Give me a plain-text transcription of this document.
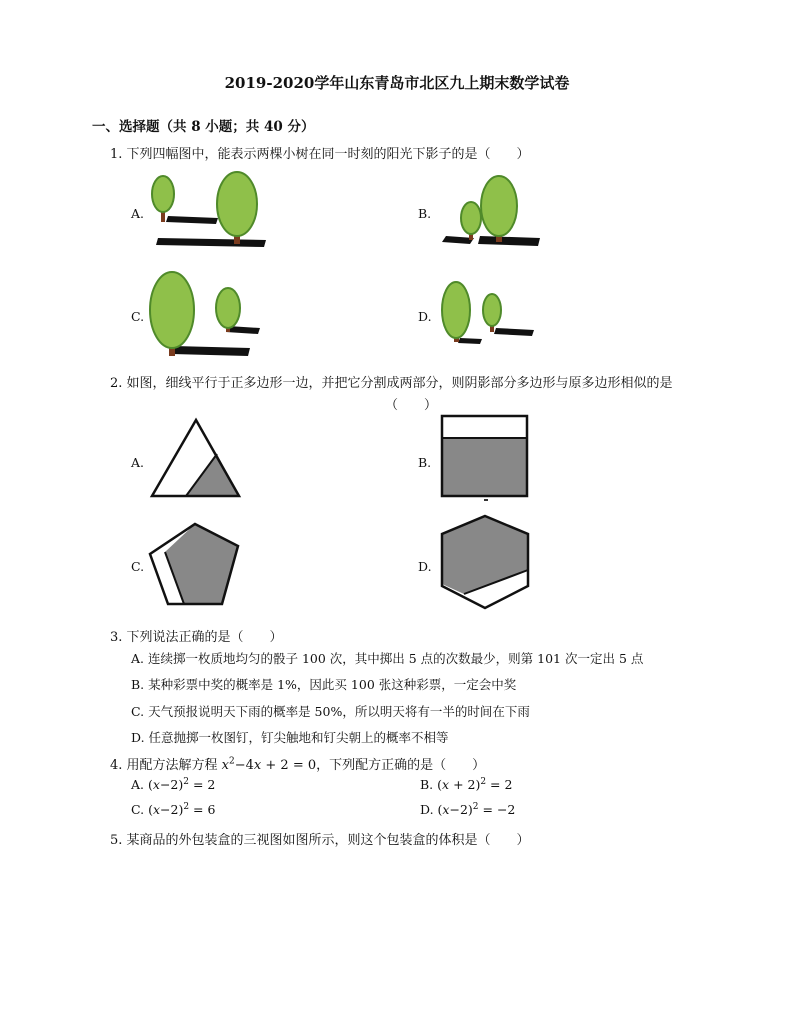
2019-2020学年山东青岛市北区九上期末数学试卷
一、选择题（共 8 小题；共 40 分）
1. 下列四幅图中，能表示两棵小树在同一时刻的阳光下影子的是（　　）
A.	B.
C.	D.
2. 如图，细线平行于正多边形一边，并把它分割成两部分，则阴影部分多边形与原多边形相似的是
（　　）
A.	B.
C.	D.
3. 下列说法正确的是（　　）
A. 连续掷一枚质地均匀的骰子 100 次，其中掷出 5 点的次数最少，则第 101 次一定出 5 点
B. 某种彩票中奖的概率是 1%，因此买 100 张这种彩票，一定会中奖
C. 天气预报说明天下雨的概率是 50%，所以明天将有一半的时间在下雨
D. 任意抛掷一枚图钉，钉尖触地和钉尖朝上的概率不相等
4. 用配方法解方程 $x^2-4x + 2 = 0$，下列配方正确的是（　　）
A. $(x-2)^2 = 2$	B. $(x + 2)^2 = 2$
C. $(x-2)^2 = 6$	D. $(x-2)^2 = -2$
5. 某商品的外包装盒的三视图如图所示，则这个包装盒的体积是（　　）
